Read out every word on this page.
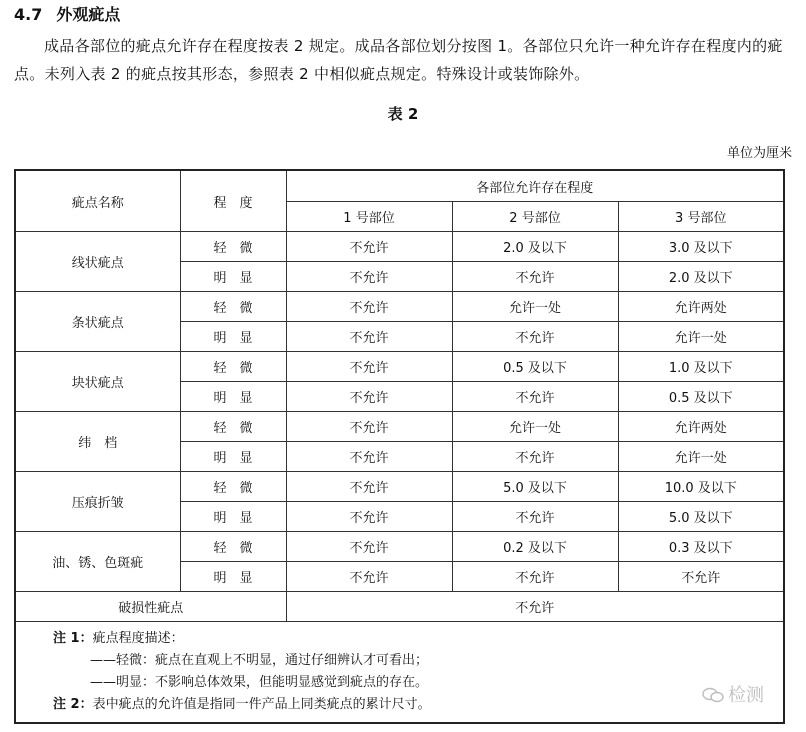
4.7 外观疵点
成品各部位的疵点允许存在程度按表 2 规定。成品各部位划分按图 1。各部位只允许一种允许存在程度内的疵点。未列入表 2 的疵点按其形态，参照表 2 中相似疵点规定。特殊设计或装饰除外。
表 2
单位为厘米
疵点名称	程　度	各部位允许存在程度		
		1 号部位	2 号部位	3 号部位
线状疵点	轻　微	不允许	2.0 及以下	3.0 及以下
	明　显	不允许	不允许	2.0 及以下
条状疵点	轻　微	不允许	允许一处	允许两处
	明　显	不允许	不允许	允许一处
块状疵点	轻　微	不允许	0.5 及以下	1.0 及以下
	明　显	不允许	不允许	0.5 及以下
纬　档	轻　微	不允许	允许一处	允许两处
	明　显	不允许	不允许	允许一处
压痕折皱	轻　微	不允许	5.0 及以下	10.0 及以下
	明　显	不允许	不允许	5.0 及以下
油、锈、色斑疵	轻　微	不允许	0.2 及以下	0.3 及以下
	明　显	不允许	不允许	不允许
破损性疵点		不允许		

注 1：疵点程度描述：
——轻微：疵点在直观上不明显，通过仔细辨认才可看出；
——明显：不影响总体效果，但能明显感觉到疵点的存在。
注 2：表中疵点的允许值是指同一件产品上同类疵点的累计尺寸。					检测
